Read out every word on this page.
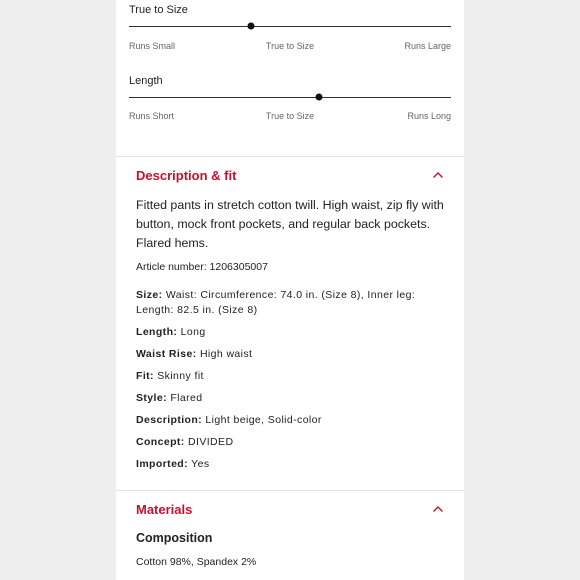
True to Size
Runs Small	True to Size	Runs Large
Length
Runs Short	True to Size	Runs Long
Description & fit
Fitted pants in stretch cotton twill. High waist, zip fly with button, mock front pockets, and regular back pockets. Flared hems.
Article number: 1206305007
Size: Waist: Circumference: 74.0 in. (Size 8), Inner leg: Length: 82.5 in. (Size 8)
Length: Long
Waist Rise: High waist
Fit: Skinny fit
Style: Flared
Description: Light beige, Solid-color
Concept: DIVIDED
Imported: Yes
Materials
Composition
Cotton 98%, Spandex 2%
